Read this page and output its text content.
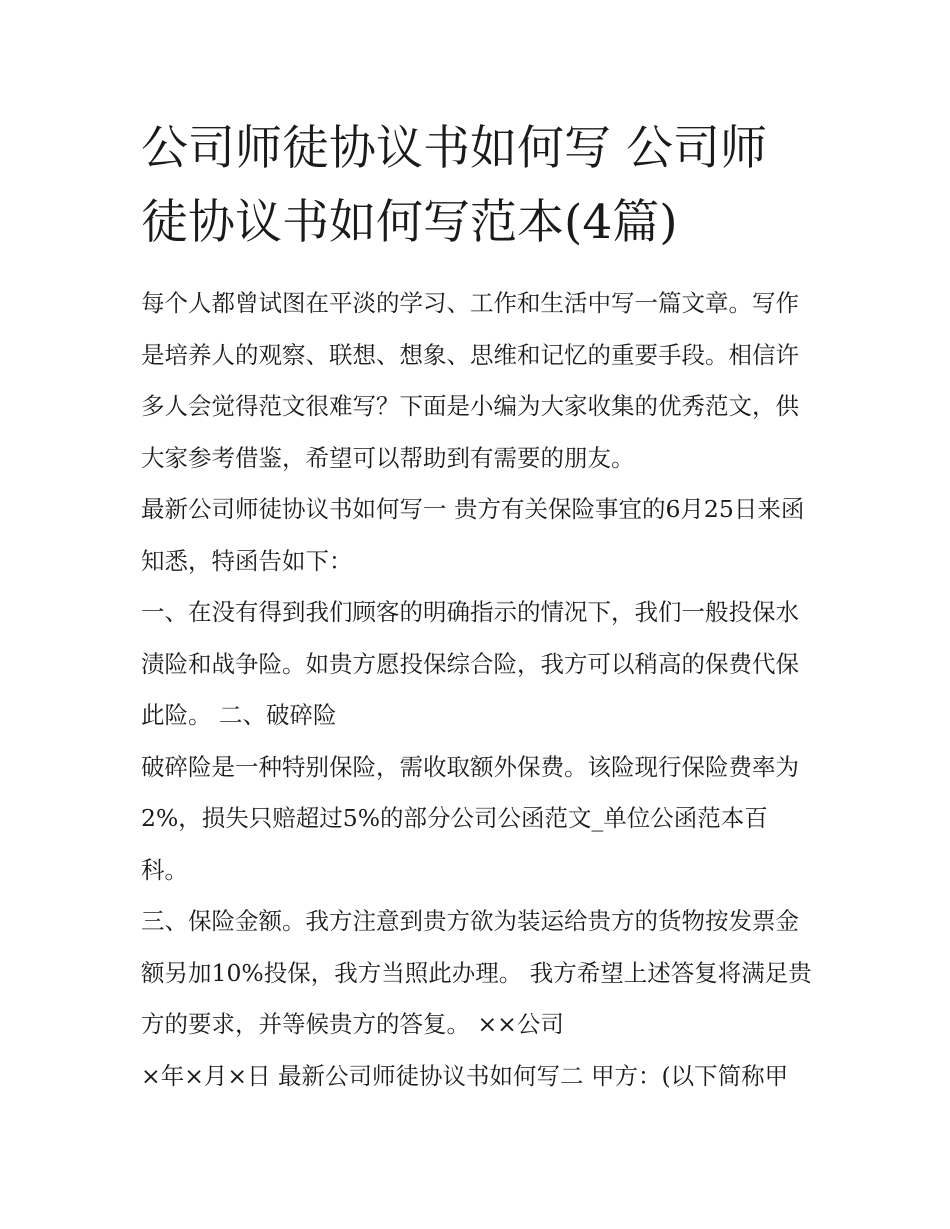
公司师徒协议书如何写 公司师徒协议书如何写范本(4篇)

每个人都曾试图在平淡的学习、工作和生活中写一篇文章。写作是培养人的观察、联想、想象、思维和记忆的重要手段。相信许多人会觉得范文很难写？下面是小编为大家收集的优秀范文，供大家参考借鉴，希望可以帮助到有需要的朋友。

最新公司师徒协议书如何写一 贵方有关保险事宜的6月25日来函知悉，特函告如下：

一、在没有得到我们顾客的明确指示的情况下，我们一般投保水渍险和战争险。如贵方愿投保综合险，我方可以稍高的保费代保此险。 二、破碎险

破碎险是一种特别保险，需收取额外保费。该险现行保险费率为2%，损失只赔超过5%的部分公司公函范文_单位公函范本百科。

三、保险金额。我方注意到贵方欲为装运给贵方的货物按发票金额另加10%投保，我方当照此办理。 我方希望上述答复将满足贵方的要求，并等候贵方的答复。 ××公司

×年×月×日 最新公司师徒协议书如何写二 甲方：(以下简称甲
